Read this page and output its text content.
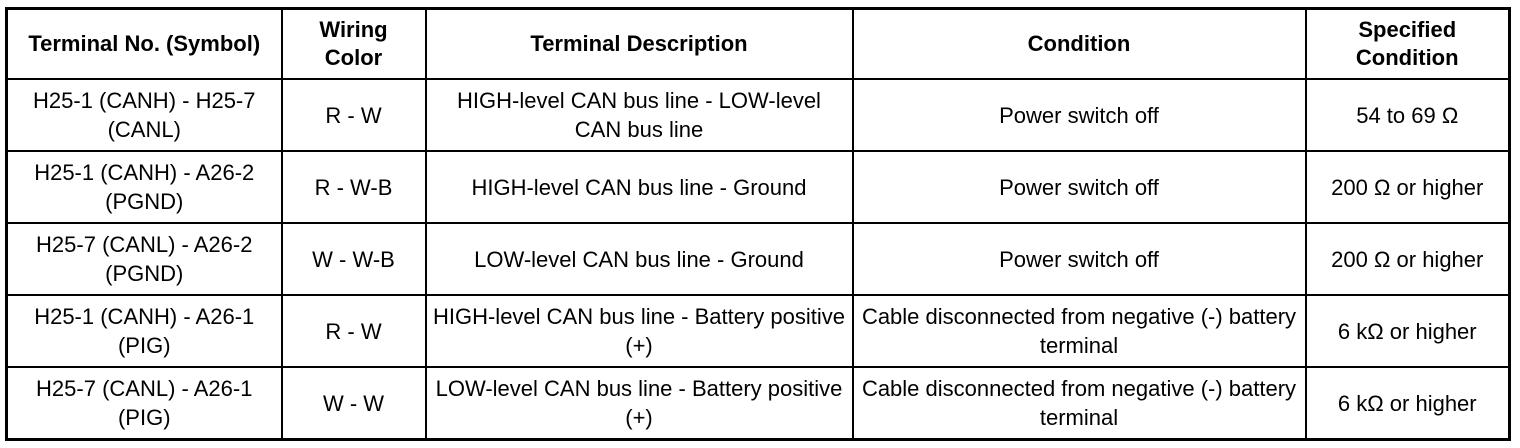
Terminal No. (Symbol)	Wiring Color	Terminal Description	Condition	Specified Condition
H25-1 (CANH) - H25-7 (CANL)	R - W	HIGH-level CAN bus line - LOW-level CAN bus line	Power switch off	54 to 69 Ω
H25-1 (CANH) - A26-2 (PGND)	R - W-B	HIGH-level CAN bus line - Ground	Power switch off	200 Ω or higher
H25-7 (CANL) - A26-2 (PGND)	W - W-B	LOW-level CAN bus line - Ground	Power switch off	200 Ω or higher
H25-1 (CANH) - A26-1 (PIG)	R - W	HIGH-level CAN bus line - Battery positive (+)	Cable disconnected from negative (-) battery terminal	6 kΩ or higher
H25-7 (CANL) - A26-1 (PIG)	W - W	LOW-level CAN bus line - Battery positive (+)	Cable disconnected from negative (-) battery terminal	6 kΩ or higher
